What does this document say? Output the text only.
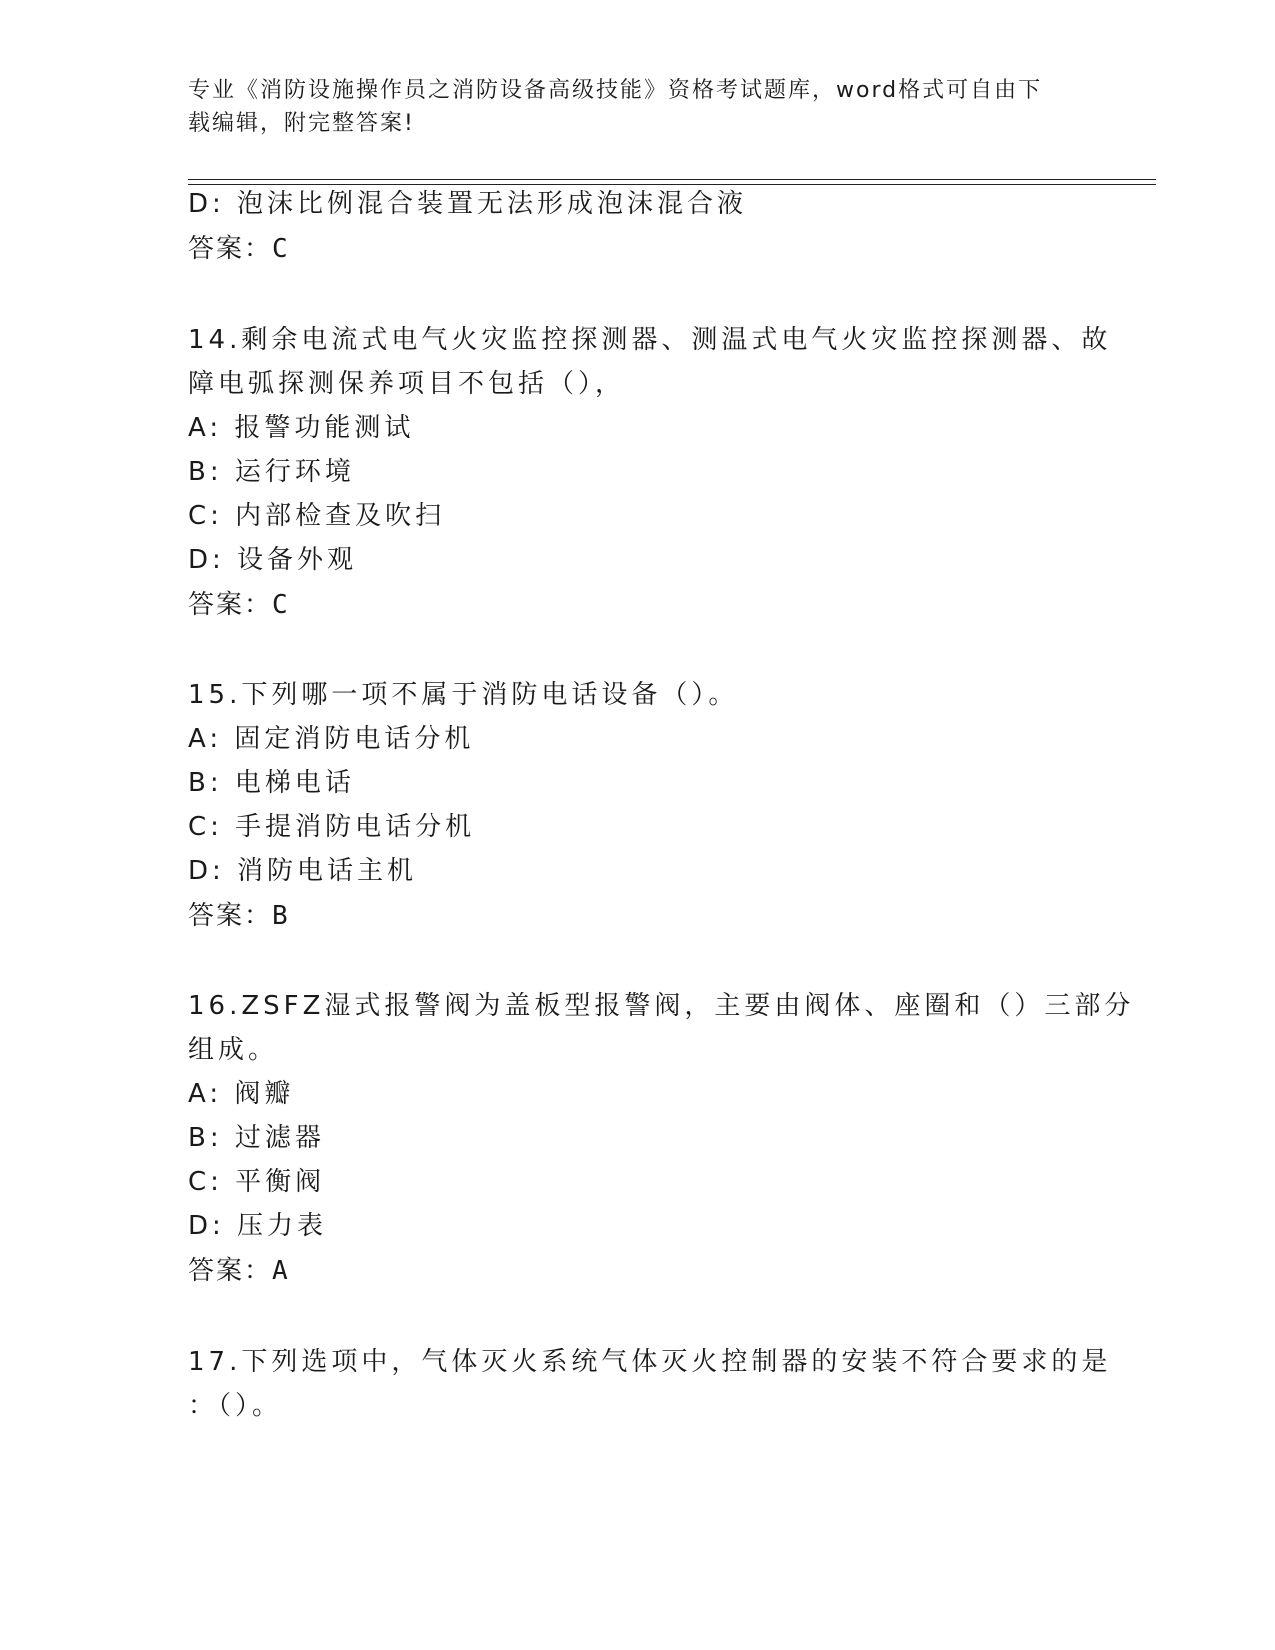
专业《消防设施操作员之消防设备高级技能》资格考试题库，word格式可自由下
载编辑，附完整答案!
D: 泡沫比例混合装置无法形成泡沫混合液
答案：C
14.剩余电流式电气火灾监控探测器、测温式电气火灾监控探测器、故
障电弧探测保养项目不包括（），
A: 报警功能测试
B: 运行环境
C: 内部检查及吹扫
D: 设备外观
答案：C
15.下列哪一项不属于消防电话设备（）。
A: 固定消防电话分机
B: 电梯电话
C: 手提消防电话分机
D: 消防电话主机
答案：B
16.ZSFZ湿式报警阀为盖板型报警阀，主要由阀体、座圈和（）三部分
组成。
A: 阀瓣
B: 过滤器
C: 平衡阀
D: 压力表
答案：A
17.下列选项中，气体灭火系统气体灭火控制器的安装不符合要求的是
：（）。
